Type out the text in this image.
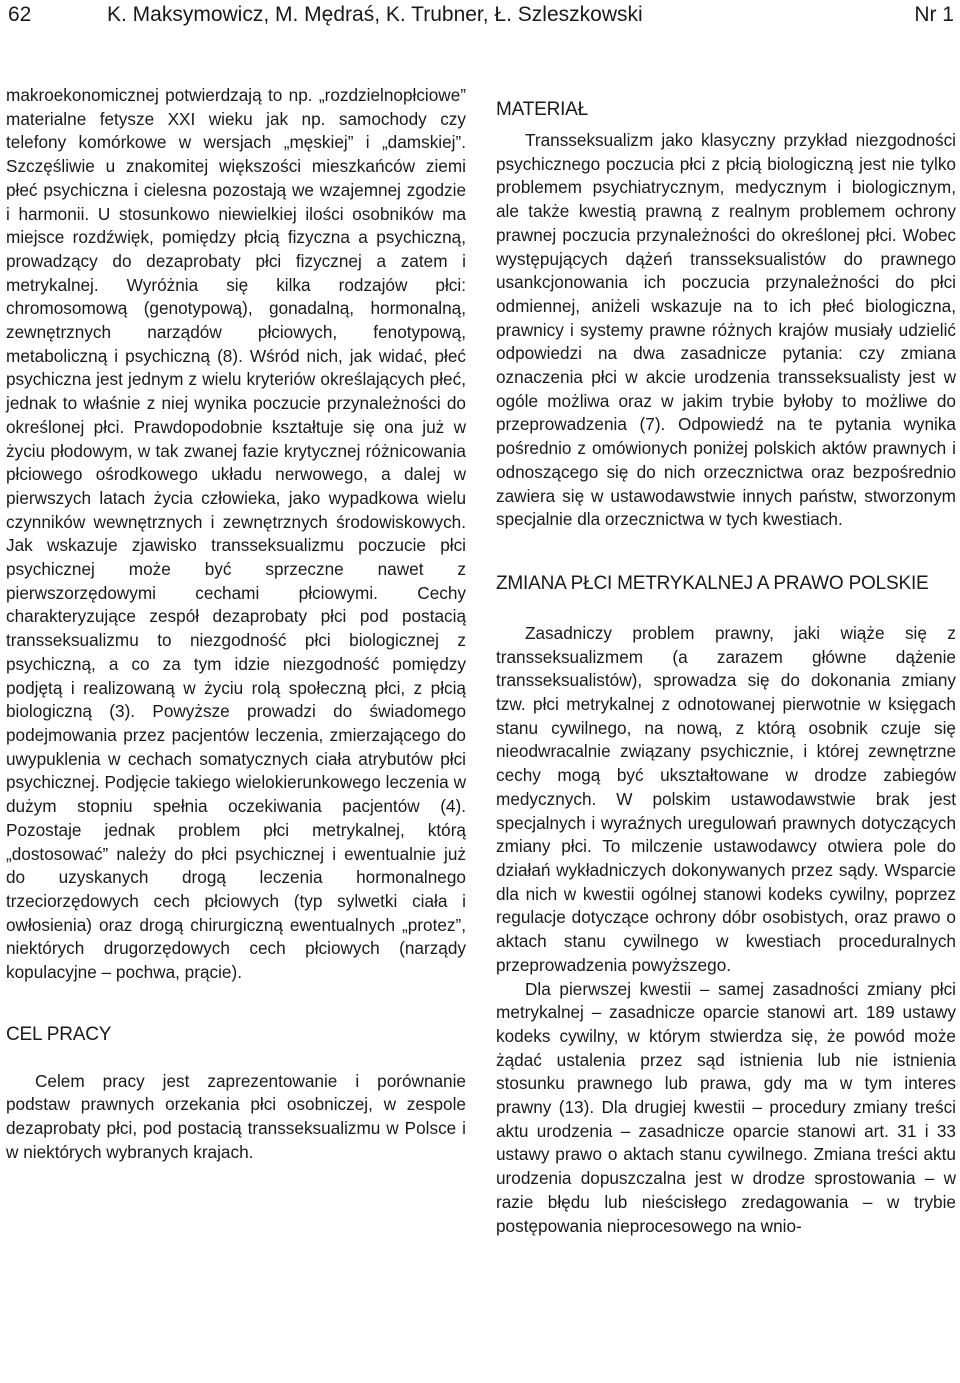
62	K. Maksymowicz, M. Mędraś, K. Trubner, Ł. Szleszkowski	Nr 1

makroekonomicznej potwierdzają to np. „rozdzielnopłciowe” materialne fetysze XXI wieku jak np. samochody czy telefony komórkowe w wersjach „męskiej” i „damskiej”. Szczęśliwie u znakomitej większości mieszkańców ziemi płeć psychiczna i cielesna pozostają we wzajemnej zgodzie i harmonii. U stosunkowo niewielkiej ilości osobników ma miejsce rozdźwięk, pomiędzy płcią fizyczna a psychiczną, prowadzący do dezaprobaty płci fizycznej a zatem i metrykalnej. Wyróżnia się kilka rodzajów płci: chromosomową (genotypową), gonadalną, hormonalną, zewnętrznych narządów płciowych, fenotypową, metaboliczną i psychiczną (8). Wśród nich, jak widać, płeć psychiczna jest jednym z wielu kryteriów określających płeć, jednak to właśnie z niej wynika poczucie przynależności do określonej płci. Prawdopodobnie kształtuje się ona już w życiu płodowym, w tak zwanej fazie krytycznej różnicowania płciowego ośrodkowego układu nerwowego, a dalej w pierwszych latach życia człowieka, jako wypadkowa wielu czynników wewnętrznych i zewnętrznych środowiskowych. Jak wskazuje zjawisko transseksualizmu poczucie płci psychicznej może być sprzeczne nawet z pierwszorzędowymi cechami płciowymi. Cechy charakteryzujące zespół dezaprobaty płci pod postacią transseksualizmu to niezgodność płci biologicznej z psychiczną, a co za tym idzie niezgodność pomiędzy podjętą i realizowaną w życiu rolą społeczną płci, z płcią biologiczną (3). Powyższe prowadzi do świadomego podejmowania przez pacjentów leczenia, zmierzającego do uwypuklenia w cechach somatycznych ciała atrybutów płci psychicznej. Podjęcie takiego wielokierunkowego leczenia w dużym stopniu spełnia oczekiwania pacjentów (4). Pozostaje jednak problem płci metrykalnej, którą „dostosować” należy do płci psychicznej i ewentualnie już do uzyskanych drogą leczenia hormonalnego trzeciorzędowych cech płciowych (typ sylwetki ciała i owłosienia) oraz drogą chirurgiczną ewentualnych „protez”, niektórych drugorzędowych cech płciowych (narządy kopulacyjne – pochwa, prącie).

CEL PRACY

Celem pracy jest zaprezentowanie i porównanie podstaw prawnych orzekania płci osobniczej, w zespole dezaprobaty płci, pod postacią transseksualizmu w Polsce i w niektórych wybranych krajach.

MATERIAŁ

Transseksualizm jako klasyczny przykład niezgodności psychicznego poczucia płci z płcią biologiczną jest nie tylko problemem psychiatrycznym, medycznym i biologicznym, ale także kwestią prawną z realnym problemem ochrony prawnej poczucia przynależności do określonej płci. Wobec występujących dążeń transseksualistów do prawnego usankcjonowania ich poczucia przynależności do płci odmiennej, aniżeli wskazuje na to ich płeć biologiczna, prawnicy i systemy prawne różnych krajów musiały udzielić odpowiedzi na dwa zasadnicze pytania: czy zmiana oznaczenia płci w akcie urodzenia transseksualisty jest w ogóle możliwa oraz w jakim trybie byłoby to możliwe do przeprowadzenia (7). Odpowiedź na te pytania wynika pośrednio z omówionych poniżej polskich aktów prawnych i odnoszącego się do nich orzecznictwa oraz bezpośrednio zawiera się w ustawodawstwie innych państw, stworzonym specjalnie dla orzecznictwa w tych kwestiach.

ZMIANA PŁCI METRYKALNEJ A PRAWO POLSKIE

Zasadniczy problem prawny, jaki wiąże się z transseksualizmem (a zarazem główne dążenie transseksualistów), sprowadza się do dokonania zmiany tzw. płci metrykalnej z odnotowanej pierwotnie w księgach stanu cywilnego, na nową, z którą osobnik czuje się nieodwracalnie związany psychicznie, i której zewnętrzne cechy mogą być ukształtowane w drodze zabiegów medycznych. W polskim ustawodawstwie brak jest specjalnych i wyraźnych uregulowań prawnych dotyczących zmiany płci. To milczenie ustawodawcy otwiera pole do działań wykładniczych dokonywanych przez sądy. Wsparcie dla nich w kwestii ogólnej stanowi kodeks cywilny, poprzez regulacje dotyczące ochrony dóbr osobistych, oraz prawo o aktach stanu cywilnego w kwestiach proceduralnych przeprowadzenia powyższego.

Dla pierwszej kwestii – samej zasadności zmiany płci metrykalnej – zasadnicze oparcie stanowi art. 189 ustawy kodeks cywilny, w którym stwierdza się, że powód może żądać ustalenia przez sąd istnienia lub nie istnienia stosunku prawnego lub prawa, gdy ma w tym interes prawny (13). Dla drugiej kwestii – procedury zmiany treści aktu urodzenia – zasadnicze oparcie stanowi art. 31 i 33 ustawy prawo o aktach stanu cywilnego. Zmiana treści aktu urodzenia dopuszczalna jest w drodze sprostowania – w razie błędu lub nieścisłego zredagowania – w trybie postępowania nieprocesowego na wnio-
